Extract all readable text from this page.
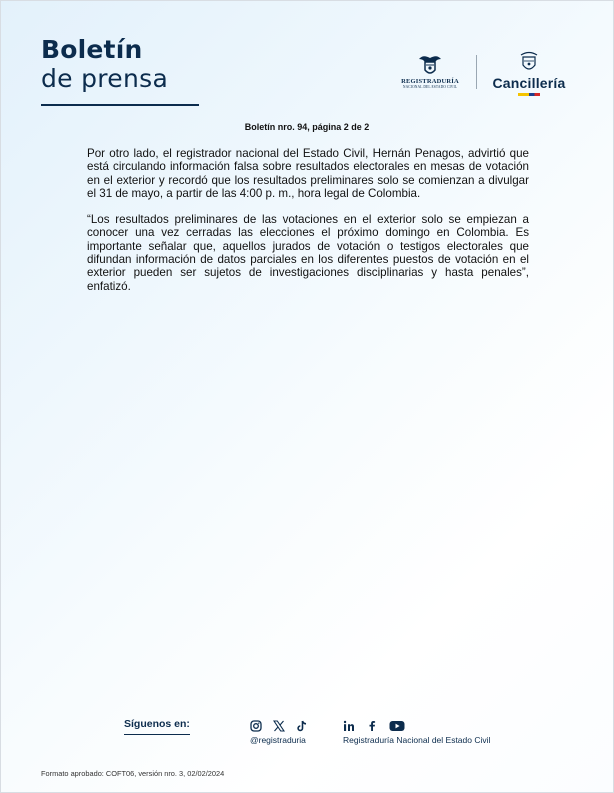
Boletín
de prensa	REGISTRADURÍA
NACIONAL DEL ESTADO CIVIL	Cancillería
Boletín nro. 94, página 2 de 2

Por otro lado, el registrador nacional del Estado Civil, Hernán Penagos, advirtió que está circulando información falsa sobre resultados electorales en mesas de votación en el exterior y recordó que los resultados preliminares solo se comienzan a divulgar el 31 de mayo, a partir de las 4:00 p. m., hora legal de Colombia.

“Los resultados preliminares de las votaciones en el exterior solo se empiezan a conocer una vez cerradas las elecciones el próximo domingo en Colombia. Es importante señalar que, aquellos jurados de votación o testigos electorales que difundan información de datos parciales en los diferentes puestos de votación en el exterior pueden ser sujetos de investigaciones disciplinarias y hasta penales”, enfatizó.

Síguenos en:
@registraduria	Registraduría Nacional del Estado Civil
Formato aprobado: COFT06, versión nro. 3, 02/02/2024
